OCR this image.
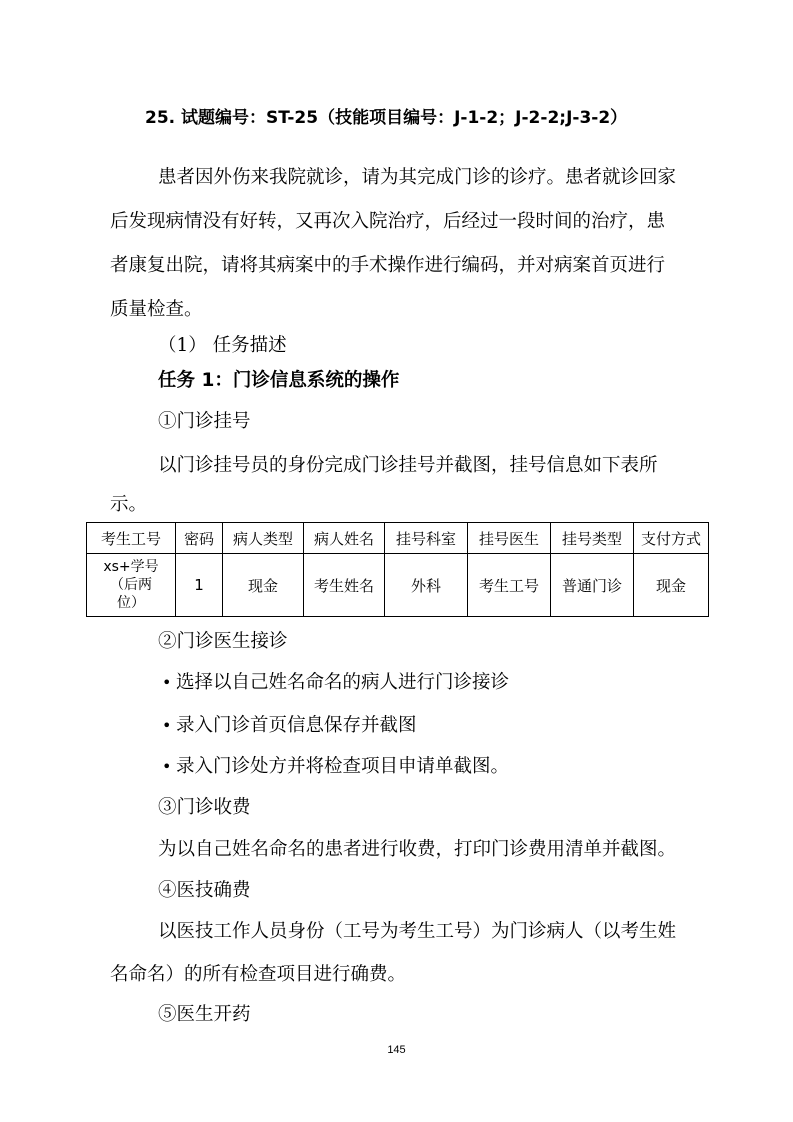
25. 试题编号：ST-25（技能项目编号：J-1-2；J-2-2;J-3-2）

患者因外伤来我院就诊，请为其完成门诊的诊疗。患者就诊回家

后发现病情没有好转，又再次入院治疗，后经过一段时间的治疗，患

者康复出院，请将其病案中的手术操作进行编码，并对病案首页进行

质量检查。

（1） 任务描述
任务 1：门诊信息系统的操作
①门诊挂号
以门诊挂号员的身份完成门诊挂号并截图，挂号信息如下表所
示。
考生工号	密码	病人类型	病人姓名	挂号科室	挂号医生	挂号类型	支付方式

xs+学号
（后两
位）	1	现金	考生姓名	外科	考生工号	普通门诊	现金
②门诊医生接诊
• 选择以自己姓名命名的病人进行门诊接诊
• 录入门诊首页信息保存并截图
• 录入门诊处方并将检查项目申请单截图。
③门诊收费
为以自己姓名命名的患者进行收费，打印门诊费用清单并截图。
④医技确费
以医技工作人员身份（工号为考生工号）为门诊病人（以考生姓
名命名）的所有检查项目进行确费。
⑤医生开药
145
